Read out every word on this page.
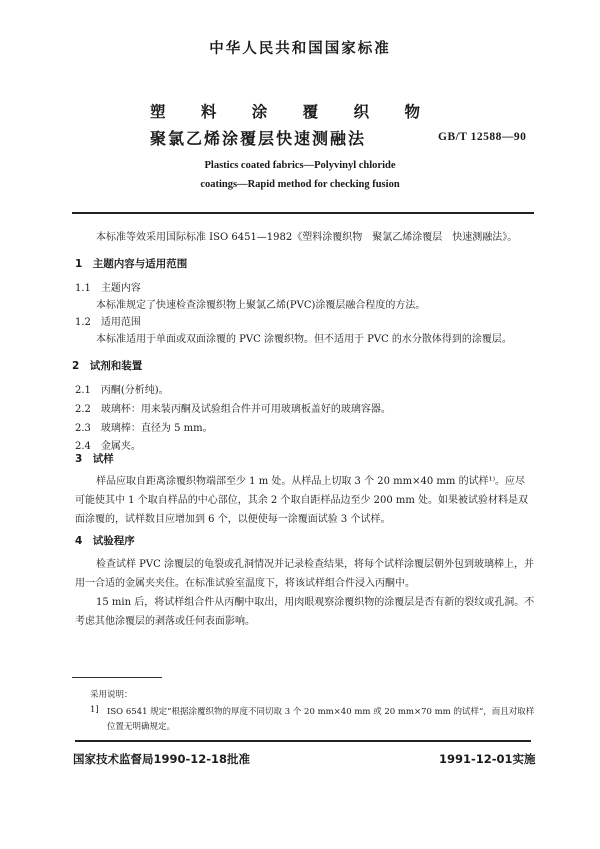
中华人民共和国国家标准
塑 料 涂 覆 织 物
聚氯乙烯涂覆层快速测融法	GB/T 12588—90
Plastics coated fabrics—Polyvinyl chloride
coatings—Rapid method for checking fusion
本标准等效采用国际标准 ISO 6451—1982《塑料涂覆织物　聚氯乙烯涂覆层　快速测融法》。
1　主题内容与适用范围
1.1　主题内容
本标准规定了快速检查涂覆织物上聚氯乙烯(PVC)涂覆层融合程度的方法。
1.2　适用范围
本标准适用于单面或双面涂覆的 PVC 涂覆织物。但不适用于 PVC 的水分散体得到的涂覆层。
2　试剂和装置
2.1　丙酮(分析纯)。
2.2　玻璃杯：用来装丙酮及试验组合件并可用玻璃板盖好的玻璃容器。
2.3　玻璃棒：直径为 5 mm。
2.4　金属夹。
3　试样
样品应取自距离涂覆织物端部至少 1 m 处。从样品上切取 3 个 20 mm×40 mm 的试样¹⁾。应尽可能使其中 1 个取自样品的中心部位，其余 2 个取自距样品边至少 200 mm 处。如果被试验材料是双面涂覆的，试样数目应增加到 6 个，以便使每一涂覆面试验 3 个试样。
4　试验程序
检查试样 PVC 涂覆层的龟裂或孔洞情况并记录检查结果，将每个试样涂覆层朝外包到玻璃棒上，并用一合适的金属夹夹住。在标准试验室温度下，将该试样组合件浸入丙酮中。
15 min 后，将试样组合件从丙酮中取出，用肉眼观察涂覆织物的涂覆层是否有新的裂纹或孔洞。不考虑其他涂覆层的剥落或任何表面影响。
采用说明：
1] ISO 6541 规定“根据涂覆织物的厚度不同切取 3 个 20 mm×40 mm 或 20 mm×70 mm 的试样”，而且对取样位置无明确规定。
国家技术监督局1990-12-18批准	1991-12-01实施
